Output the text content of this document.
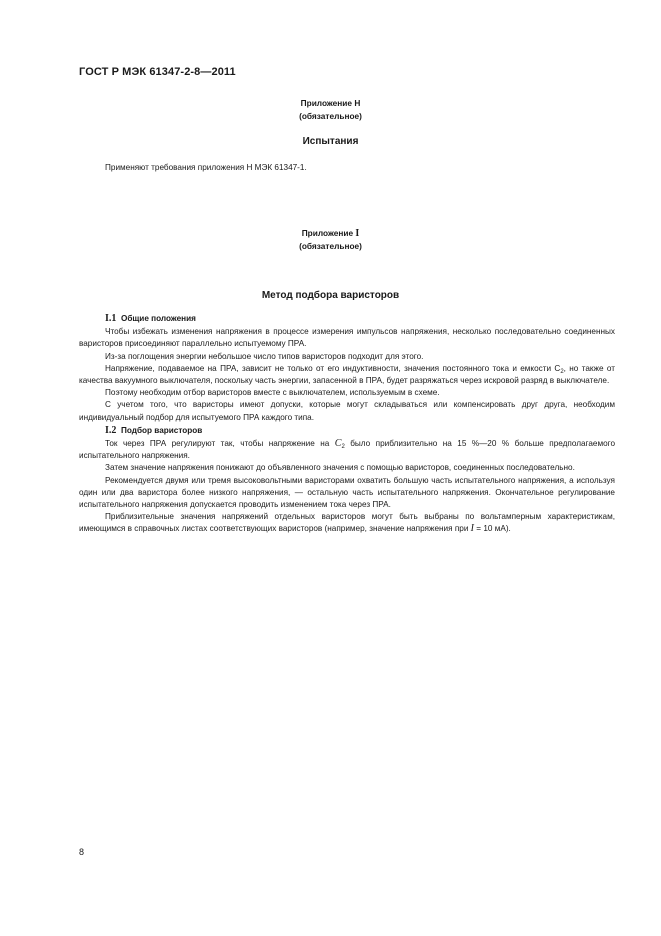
ГОСТ Р МЭК 61347-2-8—2011
Приложение Н
(обязательное)
Испытания

Применяют требования приложения Н МЭК 61347-1.

Приложение I
(обязательное)
Метод подбора варисторов

I.1 Общие положения

Чтобы избежать изменения напряжения в процессе измерения импульсов напряжения, несколько последовательно соединенных варисторов присоединяют параллельно испытуемому ПРА.

Из-за поглощения энергии небольшое число типов варисторов подходит для этого.

Напряжение, подаваемое на ПРА, зависит не только от его индуктивности, значения постоянного тока и емкости $С_2$, но также от качества вакуумного выключателя, поскольку часть энергии, запасенной в ПРА, будет разряжаться через искровой разряд в выключателе.

Поэтому необходим отбор варисторов вместе с выключателем, используемым в схеме.

С учетом того, что варисторы имеют допуски, которые могут складываться или компенсировать друг друга, необходим индивидуальный подбор для испытуемого ПРА каждого типа.

I.2 Подбор варисторов

Ток через ПРА регулируют так, чтобы напряжение на $C_2$ было приблизительно на 15 %—20 % больше предполагаемого испытательного напряжения.

Затем значение напряжения понижают до объявленного значения с помощью варисторов, соединенных последовательно.

Рекомендуется двумя или тремя высоковольтными варисторами охватить большую часть испытательного напряжения, а используя один или два варистора более низкого напряжения, — остальную часть испытательного напряжения. Окончательное регулирование испытательного напряжения допускается проводить изменением тока через ПРА.

Приблизительные значения напряжений отдельных варисторов могут быть выбраны по вольтамперным характеристикам, имеющимся в справочных листах соответствующих варисторов (например, значение напряжения при I = 10 мА).

8
